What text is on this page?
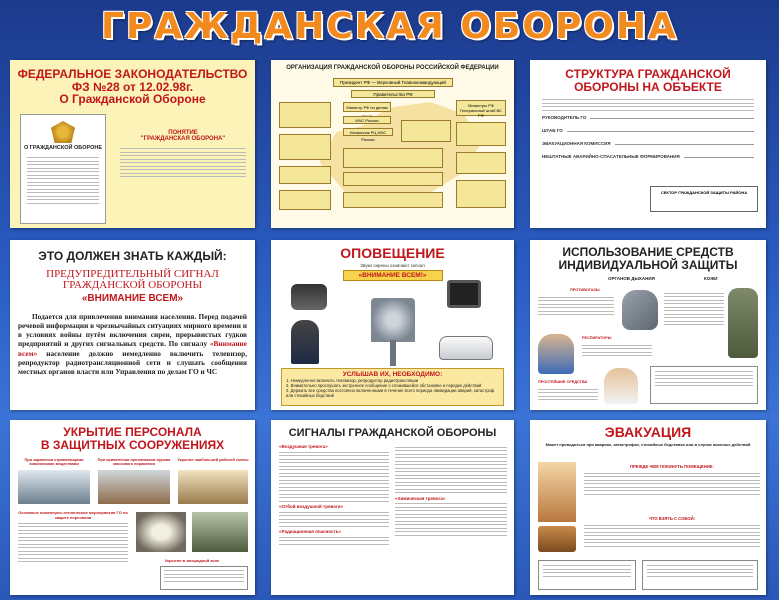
ГРАЖДАНСКАЯ ОБОРОНА
ФЕДЕРАЛЬНОЕ ЗАКОНОДАТЕЛЬСТВО
ФЗ №28 от 12.02.98г.
О Гражданской Обороне
О ГРАЖДАНСКОЙ ОБОРОНЕ
ПОНЯТИЕ
"ГРАЖДАНСКАЯ ОБОРОНА"
ОРГАНИЗАЦИЯ ГРАЖДАНСКОЙ ОБОРОНЫ РОССИЙСКОЙ ФЕДЕРАЦИИ
Президент РФ — Верховный Главнокомандующий
Правительство РФ
Министр РФ по делам
МЧС России
Министры РФ Генеральный штаб ВС РФ
Начальник РЦ МЧС России
СТРУКТУРА ГРАЖДАНСКОЙ
ОБОРОНЫ НА ОБЪЕКТЕ
РУКОВОДИТЕЛЬ ГО
ШТАБ ГО
ЭВАКУАЦИОННАЯ КОМИССИЯ
НЕШТАТНЫЕ АВАРИЙНО-СПАСАТЕЛЬНЫЕ ФОРМИРОВАНИЯ
СЕКТОР ГРАЖДАНСКОЙ ЗАЩИТЫ РАЙОНА
ЭТО ДОЛЖЕН ЗНАТЬ КАЖДЫЙ:
ПРЕДУПРЕДИТЕЛЬНЫЙ СИГНАЛ
ГРАЖДАНСКОЙ ОБОРОНЫ
«ВНИМАНИЕ ВСЕМ»
Подается для привлечения внимания населения. Перед подачей речевой информации в чрезвычайных ситуациях мирного времени и в условиях войны путём включения сирен, прерывистых гудков предприятий и других сигнальных средств. По сигналу «Внимание всем» население должно немедленно включить телевизор, репродуктор радиотрансляционной сети и слушать сообщения местных органов власти или Управления по делам ГО и ЧС
ОПОВЕЩЕНИЕ
Звуки сирены означают сигнал
«ВНИМАНИЕ ВСЕМ!»
УСЛЫШАВ ИХ, НЕОБХОДИМО:
1. Немедленно включить телевизор, репродуктор радиотрансляции
2. Внимательно прослушать экстренное сообщение о сложившейся обстановке и порядке действий
3. Держать все средства постоянно включенными в течение всего периода ликвидации аварий, катастроф или стихийных бедствий
ИСПОЛЬЗОВАНИЕ СРЕДСТВ
ИНДИВИДУАЛЬНОЙ ЗАЩИТЫ
ОРГАНОВ ДЫХАНИЯ	КОЖИ
ПРОТИВОГАЗЫ
РЕСПИРАТОРЫ
ПРОСТЕЙШИЕ СРЕДСТВА
УКРЫТИЕ ПЕРСОНАЛА
В ЗАЩИТНЫХ СООРУЖЕНИЯХ
При заражении отравляющими химическими веществами
При применении противником оружия массового поражения
Укрытие наибольшей рабочей смены
Основные инженерно-технические мероприятия ГО по защите персонала
Укрытие в загородной зоне
СИГНАЛЫ ГРАЖДАНСКОЙ ОБОРОНЫ
«Воздушная тревога»
«Отбой воздушной тревоги»
«Радиационная опасность»
«Химическая тревога»
ЭВАКУАЦИЯ
Может проводиться при авариях, катастрофах, стихийных бедствиях или в случае военных действий
ПРЕЖДЕ ЧЕМ ПОКИНУТЬ ПОМЕЩЕНИЕ:
ЧТО ВЗЯТЬ С СОБОЙ:
